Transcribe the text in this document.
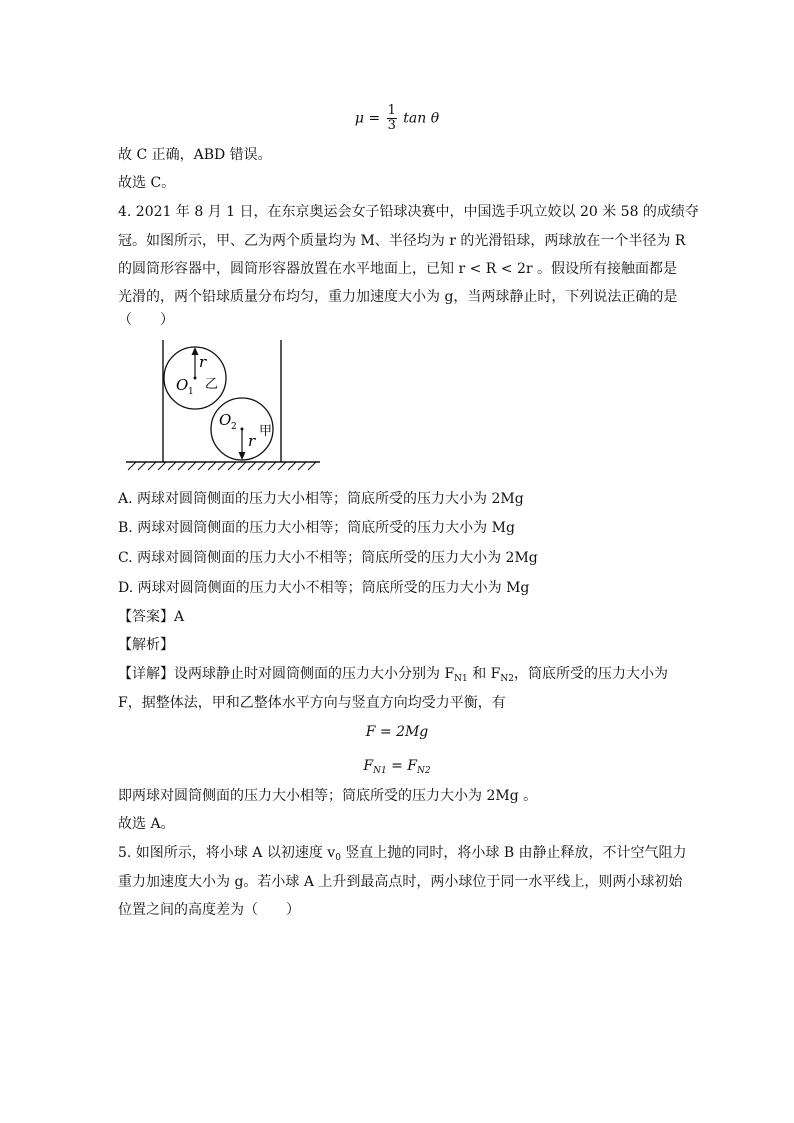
$\mu = \frac{1}{3}$ tan θ
故 C 正确，ABD 错误。
故选 C。
4. 2021 年 8 月 1 日，在东京奥运会女子铅球决赛中，中国选手巩立姣以 20 米 58 的成绩夺
冠。如图所示，甲、乙为两个质量均为 M、半径均为 r 的光滑铅球，两球放在一个半径为 R
的圆筒形容器中，圆筒形容器放置在水平地面上，已知 r < R < 2r 。假设所有接触面都是
光滑的，两个铅球质量分布均匀，重力加速度大小为 g，当两球静止时，下列说法正确的是
（　　）
r
O 1 乙
O 2 甲
r
A. 两球对圆筒侧面的压力大小相等；筒底所受的压力大小为 2Mg
B. 两球对圆筒侧面的压力大小相等；筒底所受的压力大小为 Mg
C. 两球对圆筒侧面的压力大小不相等；筒底所受的压力大小为 2Mg
D. 两球对圆筒侧面的压力大小不相等；筒底所受的压力大小为 Mg
【答案】A
【解析】
【详解】设两球静止时对圆筒侧面的压力大小分别为 $F_{N1}$ 和 $F_{N2}$，筒底所受的压力大小为
F，据整体法，甲和乙整体水平方向与竖直方向均受力平衡，有
F = 2Mg
$F_{N1} = F_{N2}$
即两球对圆筒侧面的压力大小相等；筒底所受的压力大小为 2Mg 。
故选 A。
5. 如图所示，将小球 A 以初速度 $v_0$ 竖直上抛的同时，将小球 B 由静止释放，不计空气阻力
重力加速度大小为 g。若小球 A 上升到最高点时，两小球位于同一水平线上，则两小球初始
位置之间的高度差为（　　）
